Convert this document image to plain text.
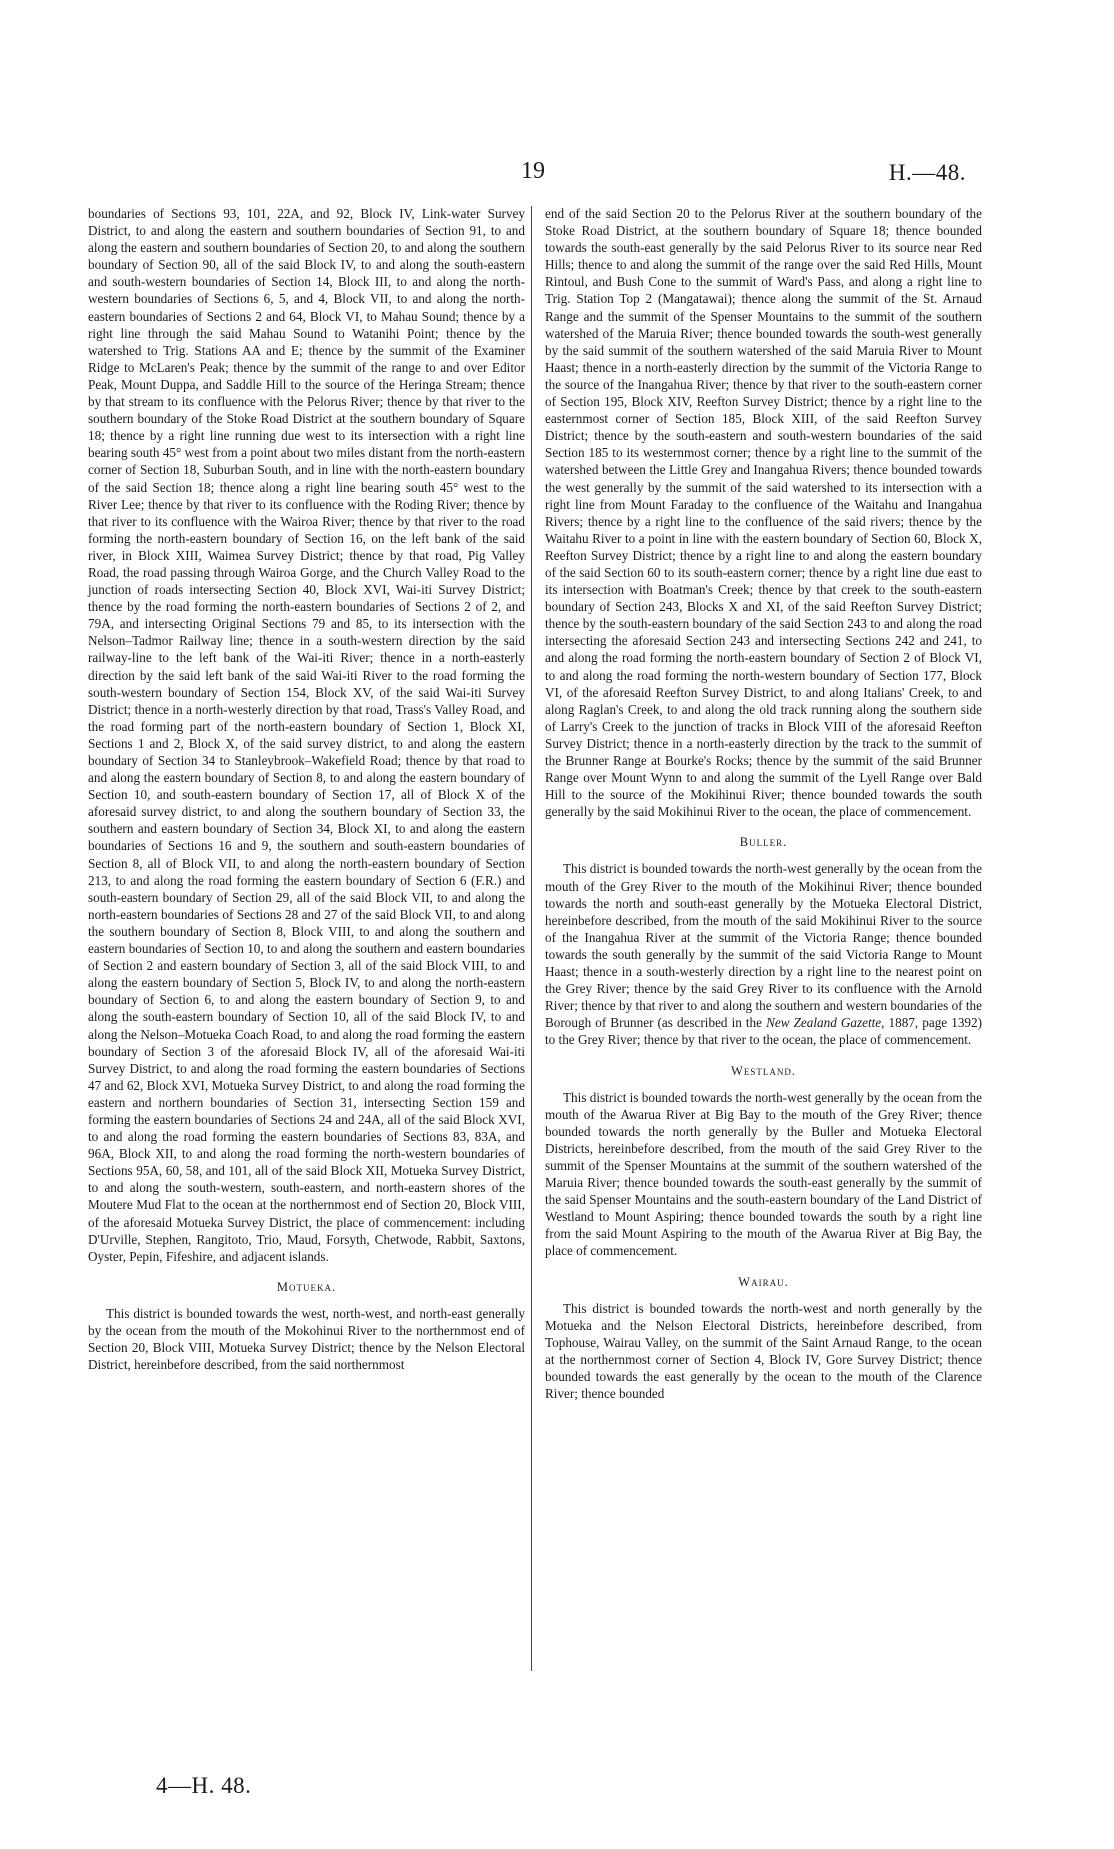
19	H.—48.

boundaries of Sections 93, 101, 22A, and 92, Block IV, Link-water Survey District, to and along the eastern and southern boundaries of Section 91, to and along the eastern and southern boundaries of Section 20, to and along the southern boundary of Section 90, all of the said Block IV, to and along the south-eastern and south-western boundaries of Section 14, Block III, to and along the north-western boundaries of Sections 6, 5, and 4, Block VII, to and along the north-eastern boundaries of Sections 2 and 64, Block VI, to Mahau Sound; thence by a right line through the said Mahau Sound to Watanihi Point; thence by the watershed to Trig. Stations AA and E; thence by the summit of the Examiner Ridge to McLaren's Peak; thence by the summit of the range to and over Editor Peak, Mount Duppa, and Saddle Hill to the source of the Heringa Stream; thence by that stream to its confluence with the Pelorus River; thence by that river to the southern boundary of the Stoke Road District at the southern boundary of Square 18; thence by a right line running due west to its intersection with a right line bearing south 45° west from a point about two miles distant from the north-eastern corner of Section 18, Suburban South, and in line with the north-eastern boundary of the said Section 18; thence along a right line bearing south 45° west to the River Lee; thence by that river to its confluence with the Roding River; thence by that river to its confluence with the Wairoa River; thence by that river to the road forming the north-eastern boundary of Section 16, on the left bank of the said river, in Block XIII, Waimea Survey District; thence by that road, Pig Valley Road, the road passing through Wairoa Gorge, and the Church Valley Road to the junction of roads intersecting Section 40, Block XVI, Wai-iti Survey District; thence by the road forming the north-eastern boundaries of Sections 2 of 2, and 79A, and intersecting Original Sections 79 and 85, to its intersection with the Nelson–Tadmor Railway line; thence in a south-western direction by the said railway-line to the left bank of the Wai-iti River; thence in a north-easterly direction by the said left bank of the said Wai-iti River to the road forming the south-western boundary of Section 154, Block XV, of the said Wai-iti Survey District; thence in a north-westerly direction by that road, Trass's Valley Road, and the road forming part of the north-eastern boundary of Section 1, Block XI, Sections 1 and 2, Block X, of the said survey district, to and along the eastern boundary of Section 34 to Stanleybrook–Wakefield Road; thence by that road to and along the eastern boundary of Section 8, to and along the eastern boundary of Section 10, and south-eastern boundary of Section 17, all of Block X of the aforesaid survey district, to and along the southern boundary of Section 33, the southern and eastern boundary of Section 34, Block XI, to and along the eastern boundaries of Sections 16 and 9, the southern and south-eastern boundaries of Section 8, all of Block VII, to and along the north-eastern boundary of Section 213, to and along the road forming the eastern boundary of Section 6 (F.R.) and south-eastern boundary of Section 29, all of the said Block VII, to and along the north-eastern boundaries of Sections 28 and 27 of the said Block VII, to and along the southern boundary of Section 8, Block VIII, to and along the southern and eastern boundaries of Section 10, to and along the southern and eastern boundaries of Section 2 and eastern boundary of Section 3, all of the said Block VIII, to and along the eastern boundary of Section 5, Block IV, to and along the north-eastern boundary of Section 6, to and along the eastern boundary of Section 9, to and along the south-eastern boundary of Section 10, all of the said Block IV, to and along the Nelson–Motueka Coach Road, to and along the road forming the eastern boundary of Section 3 of the aforesaid Block IV, all of the aforesaid Wai-iti Survey District, to and along the road forming the eastern boundaries of Sections 47 and 62, Block XVI, Motueka Survey District, to and along the road forming the eastern and northern boundaries of Section 31, intersecting Section 159 and forming the eastern boundaries of Sections 24 and 24A, all of the said Block XVI, to and along the road forming the eastern boundaries of Sections 83, 83A, and 96A, Block XII, to and along the road forming the north-western boundaries of Sections 95A, 60, 58, and 101, all of the said Block XII, Motueka Survey District, to and along the south-western, south-eastern, and north-eastern shores of the Moutere Mud Flat to the ocean at the northernmost end of Section 20, Block VIII, of the aforesaid Motueka Survey District, the place of commencement: including D'Urville, Stephen, Rangitoto, Trio, Maud, Forsyth, Chetwode, Rabbit, Saxtons, Oyster, Pepin, Fifeshire, and adjacent islands.

Motueka.

This district is bounded towards the west, north-west, and north-east generally by the ocean from the mouth of the Mokohinui River to the northernmost end of Section 20, Block VIII, Motueka Survey District; thence by the Nelson Electoral District, hereinbefore described, from the said northernmost

end of the said Section 20 to the Pelorus River at the southern boundary of the Stoke Road District, at the southern boundary of Square 18; thence bounded towards the south-east generally by the said Pelorus River to its source near Red Hills; thence to and along the summit of the range over the said Red Hills, Mount Rintoul, and Bush Cone to the summit of Ward's Pass, and along a right line to Trig. Station Top 2 (Mangatawai); thence along the summit of the St. Arnaud Range and the summit of the Spenser Mountains to the summit of the southern watershed of the Maruia River; thence bounded towards the south-west generally by the said summit of the southern watershed of the said Maruia River to Mount Haast; thence in a north-easterly direction by the summit of the Victoria Range to the source of the Inangahua River; thence by that river to the south-eastern corner of Section 195, Block XIV, Reefton Survey District; thence by a right line to the easternmost corner of Section 185, Block XIII, of the said Reefton Survey District; thence by the south-eastern and south-western boundaries of the said Section 185 to its westernmost corner; thence by a right line to the summit of the watershed between the Little Grey and Inangahua Rivers; thence bounded towards the west generally by the summit of the said watershed to its intersection with a right line from Mount Faraday to the confluence of the Waitahu and Inangahua Rivers; thence by a right line to the confluence of the said rivers; thence by the Waitahu River to a point in line with the eastern boundary of Section 60, Block X, Reefton Survey District; thence by a right line to and along the eastern boundary of the said Section 60 to its south-eastern corner; thence by a right line due east to its intersection with Boatman's Creek; thence by that creek to the south-eastern boundary of Section 243, Blocks X and XI, of the said Reefton Survey District; thence by the south-eastern boundary of the said Section 243 to and along the road intersecting the aforesaid Section 243 and intersecting Sections 242 and 241, to and along the road forming the north-eastern boundary of Section 2 of Block VI, to and along the road forming the north-western boundary of Section 177, Block VI, of the aforesaid Reefton Survey District, to and along Italians' Creek, to and along Raglan's Creek, to and along the old track running along the southern side of Larry's Creek to the junction of tracks in Block VIII of the aforesaid Reefton Survey District; thence in a north-easterly direction by the track to the summit of the Brunner Range at Bourke's Rocks; thence by the summit of the said Brunner Range over Mount Wynn to and along the summit of the Lyell Range over Bald Hill to the source of the Mokihinui River; thence bounded towards the south generally by the said Mokihinui River to the ocean, the place of commencement.

Buller.

This district is bounded towards the north-west generally by the ocean from the mouth of the Grey River to the mouth of the Mokihinui River; thence bounded towards the north and south-east generally by the Motueka Electoral District, hereinbefore described, from the mouth of the said Mokihinui River to the source of the Inangahua River at the summit of the Victoria Range; thence bounded towards the south generally by the summit of the said Victoria Range to Mount Haast; thence in a south-westerly direction by a right line to the nearest point on the Grey River; thence by the said Grey River to its confluence with the Arnold River; thence by that river to and along the southern and western boundaries of the Borough of Brunner (as described in the New Zealand Gazette, 1887, page 1392) to the Grey River; thence by that river to the ocean, the place of commencement.

Westland.

This district is bounded towards the north-west generally by the ocean from the mouth of the Awarua River at Big Bay to the mouth of the Grey River; thence bounded towards the north generally by the Buller and Motueka Electoral Districts, hereinbefore described, from the mouth of the said Grey River to the summit of the Spenser Mountains at the summit of the southern watershed of the Maruia River; thence bounded towards the south-east generally by the summit of the said Spenser Mountains and the south-eastern boundary of the Land District of Westland to Mount Aspiring; thence bounded towards the south by a right line from the said Mount Aspiring to the mouth of the Awarua River at Big Bay, the place of commencement.

Wairau.

This district is bounded towards the north-west and north generally by the Motueka and the Nelson Electoral Districts, hereinbefore described, from Tophouse, Wairau Valley, on the summit of the Saint Arnaud Range, to the ocean at the northernmost corner of Section 4, Block IV, Gore Survey District; thence bounded towards the east generally by the ocean to the mouth of the Clarence River; thence bounded

4—H. 48.
